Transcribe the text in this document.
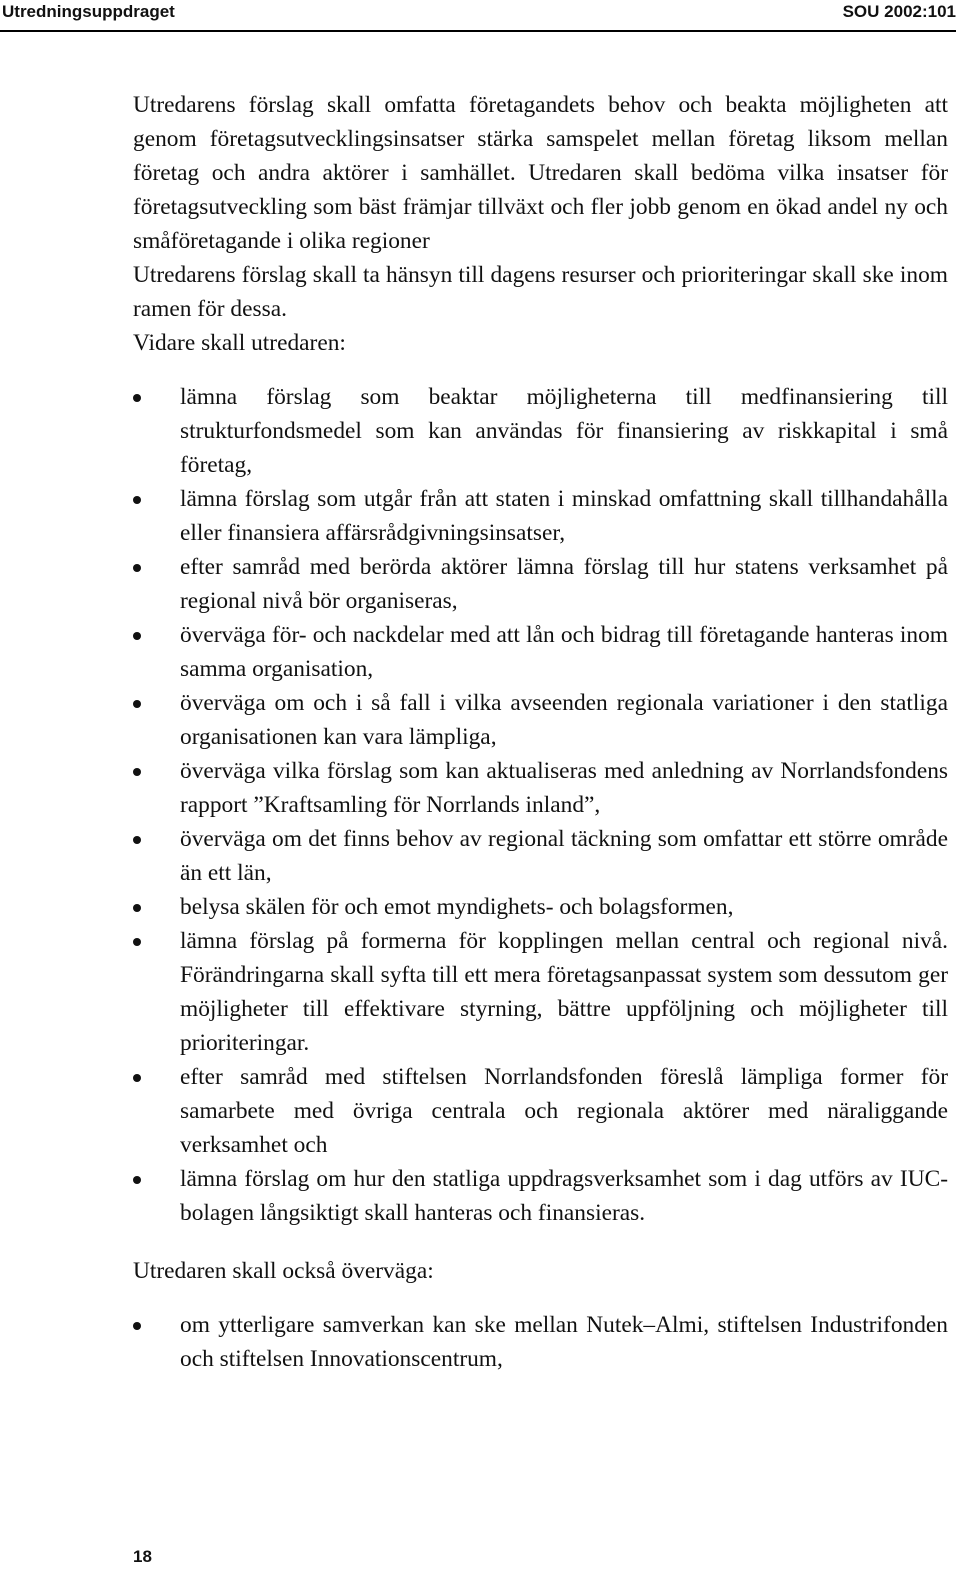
Utredningsuppdraget	SOU 2002:101

Utredarens förslag skall omfatta företagandets behov och beakta möjligheten att genom företagsutvecklingsinsatser stärka samspelet mellan företag liksom mellan företag och andra aktörer i samhället. Utredaren skall bedöma vilka insatser för företagsutveckling som bäst främjar tillväxt och fler jobb genom en ökad andel ny och småföretagande i olika regioner

Utredarens förslag skall ta hänsyn till dagens resurser och prioriteringar skall ske inom ramen för dessa.

Vidare skall utredaren:

lämna förslag som beaktar möjligheterna till medfinansiering till strukturfondsmedel som kan användas för finansiering av riskkapital i små företag,
lämna förslag som utgår från att staten i minskad omfattning skall tillhandahålla eller finansiera affärsrådgivningsinsatser,
efter samråd med berörda aktörer lämna förslag till hur statens verksamhet på regional nivå bör organiseras,
överväga för- och nackdelar med att lån och bidrag till företagande hanteras inom samma organisation,
överväga om och i så fall i vilka avseenden regionala variationer i den statliga organisationen kan vara lämpliga,
överväga vilka förslag som kan aktualiseras med anledning av Norrlandsfondens rapport ”Kraftsamling för Norrlands inland”,
överväga om det finns behov av regional täckning som omfattar ett större område än ett län,
belysa skälen för och emot myndighets- och bolagsformen,
lämna förslag på formerna för kopplingen mellan central och regional nivå. Förändringarna skall syfta till ett mera företagsanpassat system som dessutom ger möjligheter till effektivare styrning, bättre uppföljning och möjligheter till prioriteringar.
efter samråd med stiftelsen Norrlandsfonden föreslå lämpliga former för samarbete med övriga centrala och regionala aktörer med näraliggande verksamhet och
lämna förslag om hur den statliga uppdragsverksamhet som i dag utförs av IUC-bolagen långsiktigt skall hanteras och finansieras.

Utredaren skall också överväga:

om ytterligare samverkan kan ske mellan Nutek–Almi, stiftelsen Industrifonden och stiftelsen Innovationscentrum,
18
